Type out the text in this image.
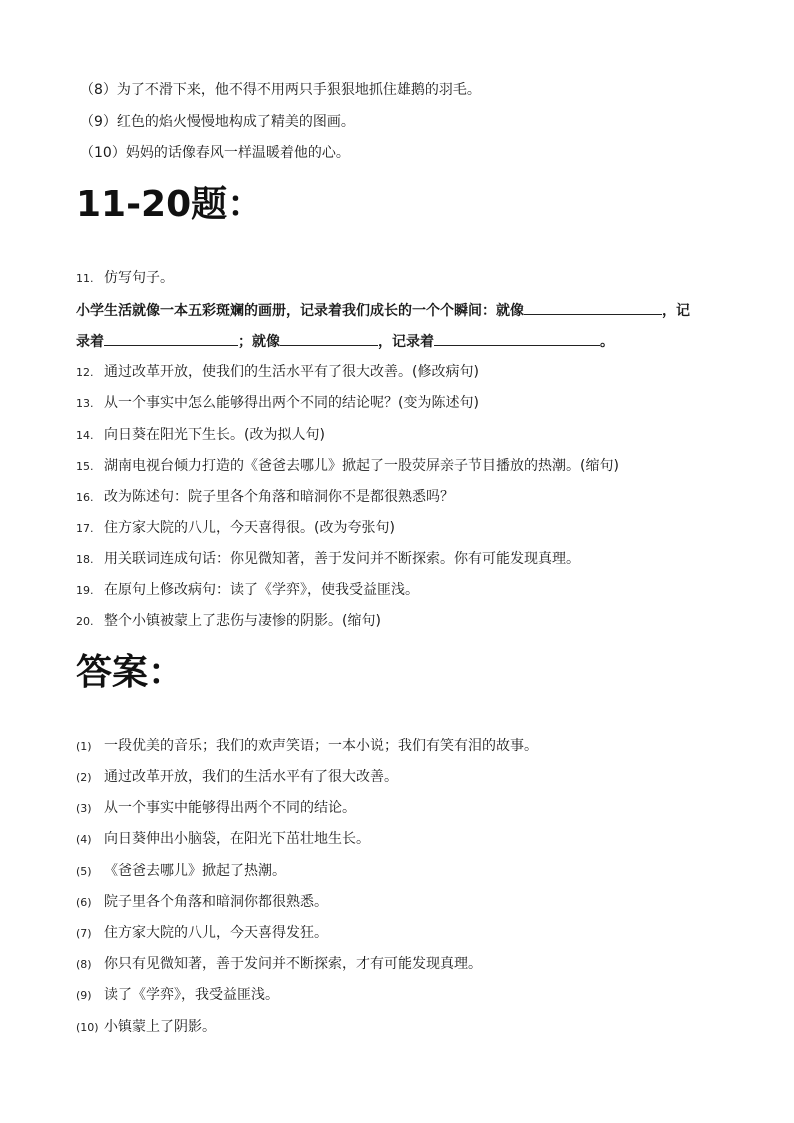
（8）为了不滑下来，他不得不用两只手狠狠地抓住雄鹅的羽毛。
（9）红色的焰火慢慢地构成了精美的图画。
（10）妈妈的话像春风一样温暖着他的心。
11-20题：
11. 仿写句子。
小学生活就像一本五彩斑斓的画册，记录着我们成长的一个个瞬间：就像	，记
录着	；就像	，记录着	。
12. 通过改革开放，使我们的生活水平有了很大改善。(修改病句)
13. 从一个事实中怎么能够得出两个不同的结论呢？(变为陈述句)
14. 向日葵在阳光下生长。(改为拟人句)
15. 湖南电视台倾力打造的《爸爸去哪儿》掀起了一股荧屏亲子节目播放的热潮。(缩句)
16. 改为陈述句：院子里各个角落和暗洞你不是都很熟悉吗？
17. 住方家大院的八儿，今天喜得很。(改为夸张句)
18. 用关联词连成句话：你见微知著，善于发问并不断探索。你有可能发现真理。
19. 在原句上修改病句：读了《学弈》，使我受益匪浅。
20. 整个小镇被蒙上了悲伤与凄惨的阴影。(缩句)
答案：
(1) 一段优美的音乐；我们的欢声笑语；一本小说；我们有笑有泪的故事。
(2) 通过改革开放，我们的生活水平有了很大改善。
(3) 从一个事实中能够得出两个不同的结论。
(4) 向日葵伸出小脑袋，在阳光下茁壮地生长。
(5) 《爸爸去哪儿》掀起了热潮。
(6) 院子里各个角落和暗洞你都很熟悉。
(7) 住方家大院的八儿，今天喜得发狂。
(8) 你只有见微知著，善于发问并不断探索，才有可能发现真理。
(9) 读了《学弈》，我受益匪浅。
(10) 小镇蒙上了阴影。
